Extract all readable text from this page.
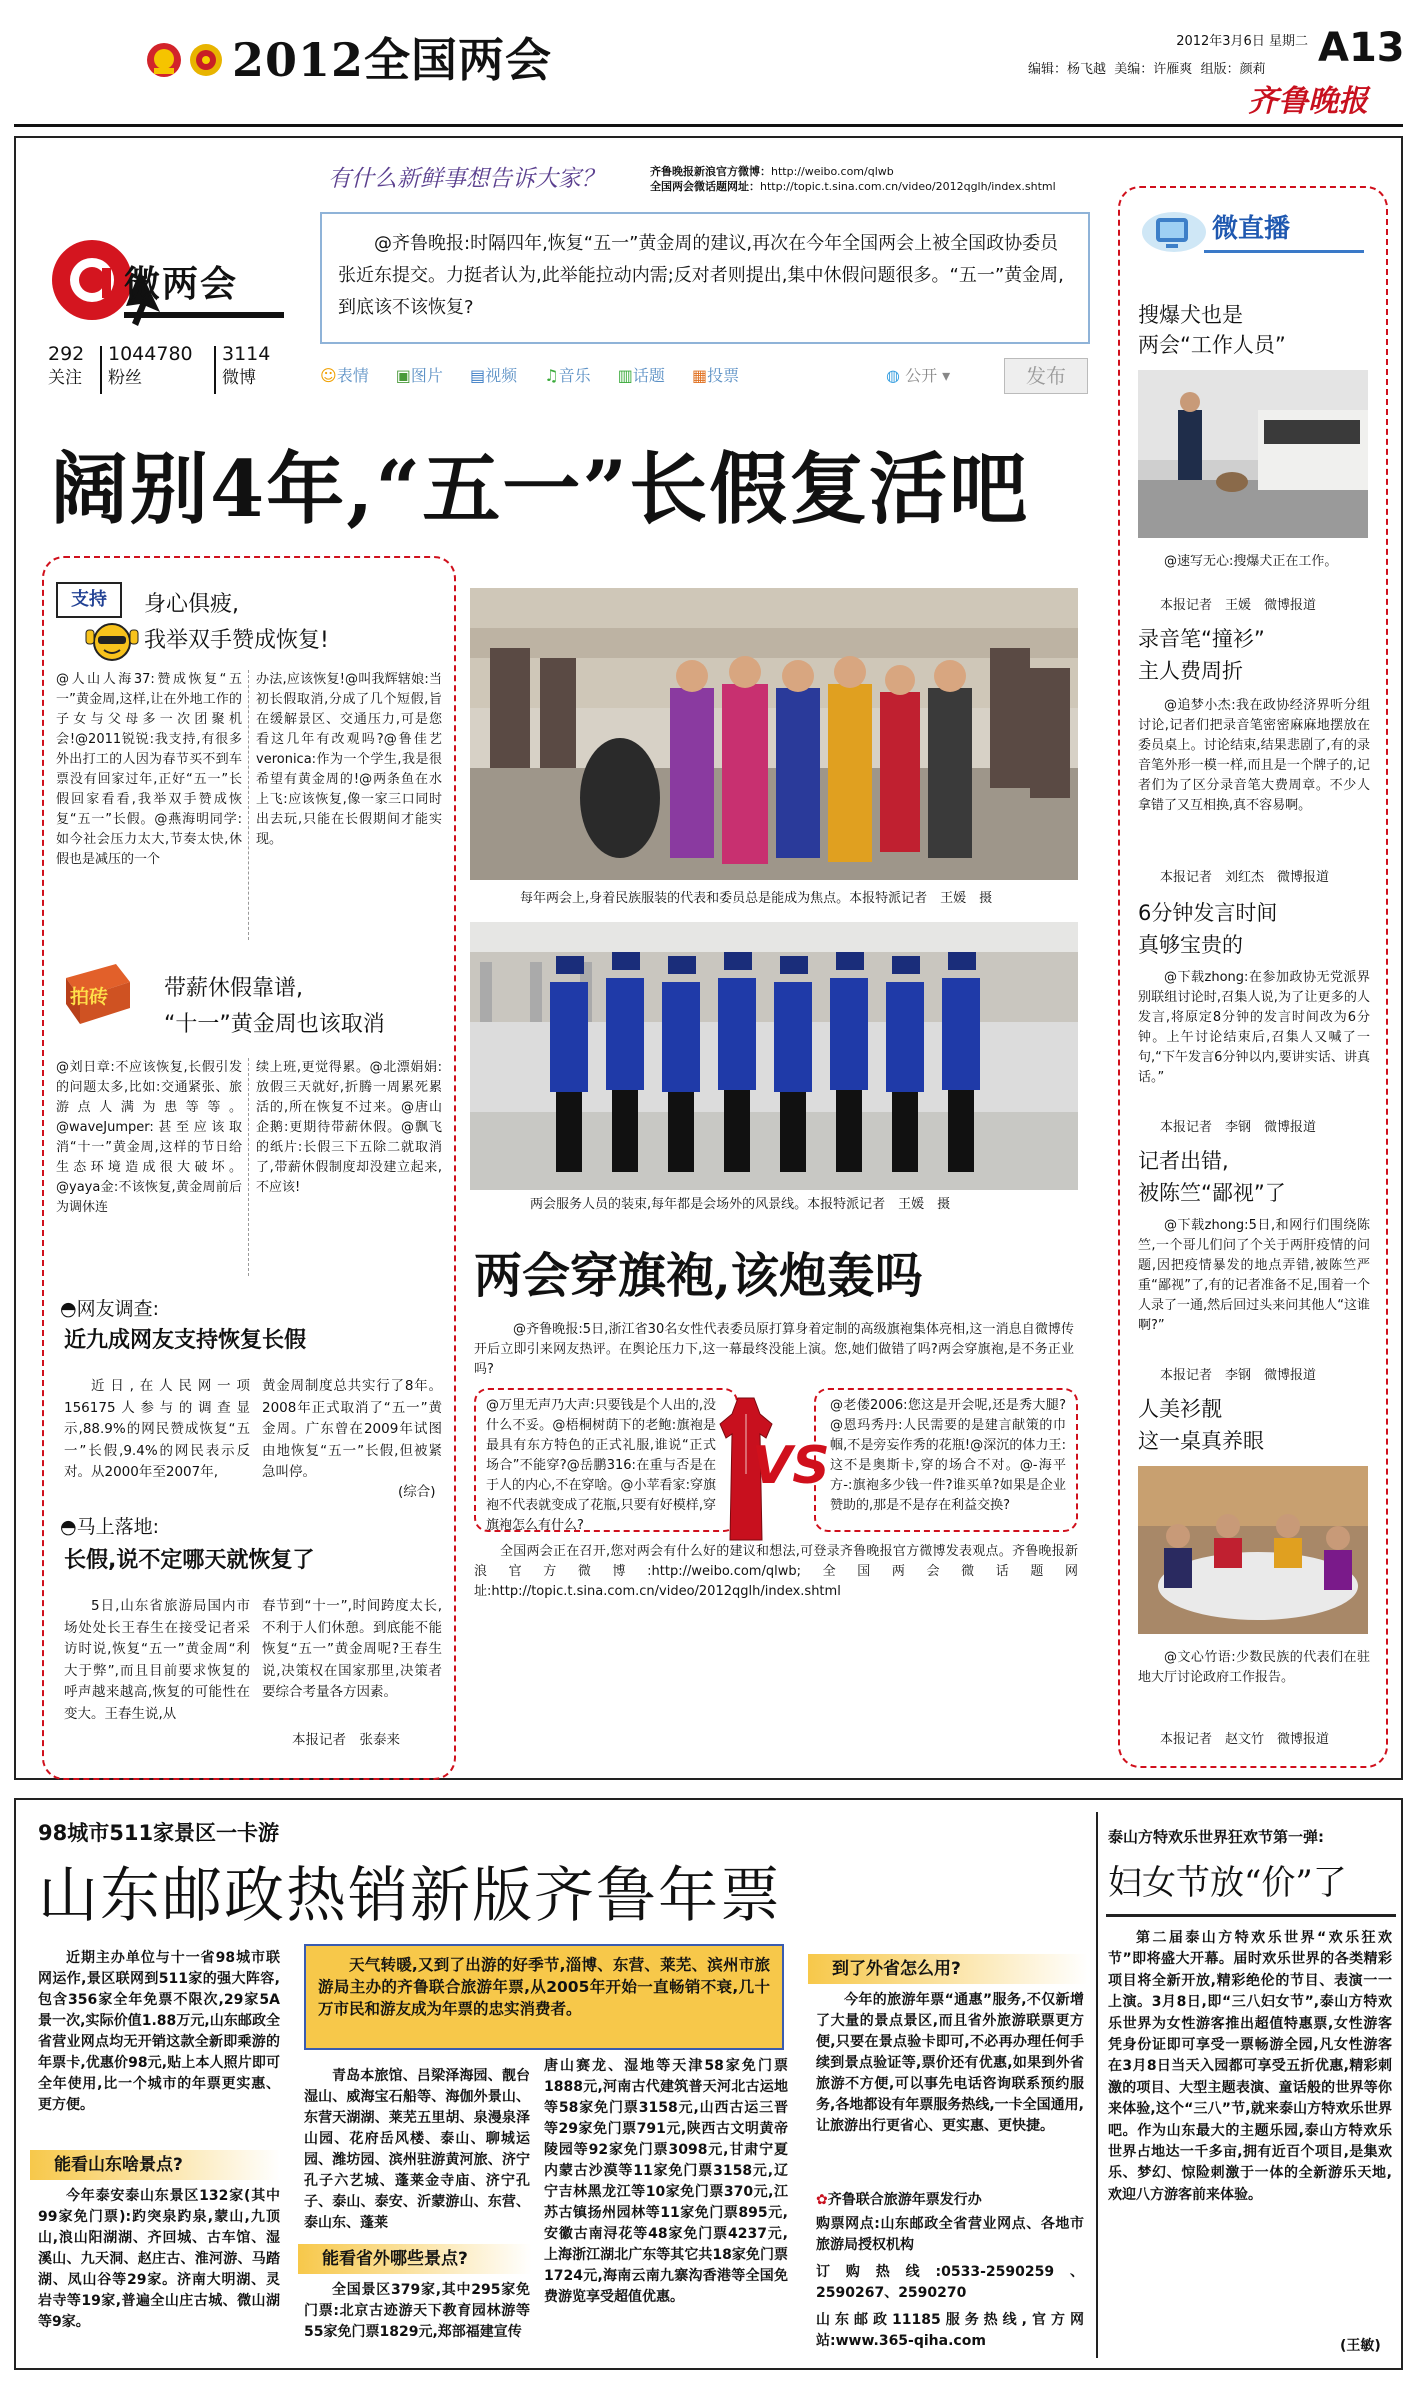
2012全国两会	2012年3月6日 星期二 A13
编辑：杨飞越 美编：许雁爽 组版：颜莉
齐鲁晚报
微两会
292
关注
1044780
粉丝
3114
微博
有什么新鲜事想告诉大家？	齐鲁晚报新浪官方微博：http://weibo.com/qlwb
全国两会微话题网址：http://topic.t.sina.com.cn/video/2012qglh/index.shtml
@齐鲁晚报:时隔四年,恢复“五一”黄金周的建议,再次在今年全国两会上被全国政协委员张近东提交。力挺者认为,此举能拉动内需;反对者则提出,集中休假问题很多。“五一”黄金周,到底该不该恢复?
☺表情 ▣图片 ▤视频 ♫音乐 ▥话题 ▦投票	◍ 公开 ▾	发布
阔别4年,“五一”长假复活吧
支持	身心俱疲,
我举双手赞成恢复!
@人山人海37:赞成恢复“五一”黄金周,这样,让在外地工作的子女与父母多一次团聚机会!@2011锐锐:我支持,有很多外出打工的人因为春节买不到车票没有回家过年,正好“五一”长假回家看看,我举双手赞成恢复“五一”长假。@燕海明同学:如今社会压力太大,节奏太快,休假也是减压的一个
办法,应该恢复!@叫我辉辖娘:当初长假取消,分成了几个短假,旨在缓解景区、交通压力,可是您看这几年有改观吗?@鲁佳艺veronica:作为一个学生,我是很希望有黄金周的!@两条鱼在水上飞:应该恢复,像一家三口同时出去玩,只能在长假期间才能实现。
拍砖	带薪休假靠谱,
“十一”黄金周也该取消
@刘日章:不应该恢复,长假引发的问题太多,比如:交通紧张、旅游点人满为患等等。@waveJumper:甚至应该取消“十一”黄金周,这样的节日给生态环境造成很大破坏。@yaya金:不该恢复,黄金周前后为调休连
续上班,更觉得累。@北漂娟娟:放假三天就好,折腾一周累死累活的,所在恢复不过来。@唐山企鹅:更期待带薪休假。@飘飞的纸片:长假三下五除二就取消了,带薪休假制度却没建立起来,不应该!
◓网友调查:
近九成网友支持恢复长假
近日,在人民网一项156175人参与的调查显示,88.9%的网民赞成恢复“五一”长假,9.4%的网民表示反对。从2000年至2007年,
黄金周制度总共实行了8年。2008年正式取消了“五一”黄金周。广东曾在2009年试图由地恢复“五一”长假,但被紧急叫停。
(综合)
◓马上落地:
长假,说不定哪天就恢复了
5日,山东省旅游局国内市场处处长王春生在接受记者采访时说,恢复“五一”黄金周“利大于弊”,而且目前要求恢复的呼声越来越高,恢复的可能性在变大。王春生说,从
春节到“十一”,时间跨度太长,不利于人们休憩。到底能不能恢复“五一”黄金周呢?王春生说,决策权在国家那里,决策者要综合考量各方因素。
本报记者　张泰来
每年两会上,身着民族服装的代表和委员总是能成为焦点。本报特派记者　王媛　摄
两会服务人员的装束,每年都是会场外的风景线。本报特派记者　王媛　摄
两会穿旗袍,该炮轰吗
@齐鲁晚报:5日,浙江省30名女性代表委员原打算身着定制的高级旗袍集体亮相,这一消息自微博传开后立即引来网友热评。在舆论压力下,这一幕最终没能上演。您,她们做错了吗?两会穿旗袍,是不务正业吗?
@万里无声乃大声:只要钱是个人出的,没什么不妥。@梧桐树荫下的老鲍:旗袍是最具有东方特色的正式礼服,谁说“正式场合”不能穿?@岳鹏316:在重与否是在于人的内心,不在穿啥。@小苹看家:穿旗袍不代表就变成了花瓶,只要有好模样,穿旗袍怎么有什么?
VS
@老偻2006:您这是开会呢,还是秀大腿?@恩玛秀丹:人民需要的是建言献策的巾帼,不是旁妄作秀的花瓶!@深沉的体力王:这不是奥斯卡,穿的场合不对。@-海平方-:旗袍多少钱一件?谁买单?如果是企业赞助的,那是不是存在利益交换?
全国两会正在召开,您对两会有什么好的建议和想法,可登录齐鲁晚报官方微博发表观点。齐鲁晚报新浪官方微博:http://weibo.com/qlwb;全国两会微话题网址:http://topic.t.sina.com.cn/video/2012qglh/index.shtml
微直播
搜爆犬也是
两会“工作人员”
@速写无心:搜爆犬正在工作。
本报记者　王媛　微博报道
录音笔“撞衫”
主人费周折
@追梦小杰:我在政协经济界听分组讨论,记者们把录音笔密密麻麻地摆放在委员桌上。讨论结束,结果悲剧了,有的录音笔外形一模一样,而且是一个牌子的,记者们为了区分录音笔大费周章。不少人拿错了又互相换,真不容易啊。
本报记者　刘红杰　微博报道
6分钟发言时间
真够宝贵的
@下载zhong:在参加政协无党派界别联组讨论时,召集人说,为了让更多的人发言,将原定8分钟的发言时间改为6分钟。上午讨论结束后,召集人又喊了一句,“下午发言6分钟以内,要讲实话、讲真话。”
本报记者　李钢　微博报道
记者出错,
被陈竺“鄙视”了
@下载zhong:5日,和网行们围绕陈竺,一个哥儿们问了个关于两肝疫情的问题,因把疫情暴发的地点弄错,被陈竺严重“鄙视”了,有的记者准备不足,围着一个人录了一通,然后回过头来问其他人“这谁啊?”
本报记者　李钢　微博报道
人美衫靓
这一桌真养眼
@文心竹语:少数民族的代表们在驻地大厅讨论政府工作报告。
本报记者　赵文竹　微博报道
98城市511家景区一卡游
山东邮政热销新版齐鲁年票
近期主办单位与十一省98城市联网运作,景区联网到511家的强大阵容,包含356家全年免票不限次,29家5A景一次,实际价值1.88万元,山东邮政全省营业网点均无开销这款全新即乘游的年票卡,优惠价98元,贴上本人照片即可全年使用,比一个城市的年票更实惠、更方便。
能看山东啥景点?
今年泰安泰山东景区132家(其中99家免门票):趵突泉趵泉,蒙山,九顶山,浪山阳湖湖、齐回城、古车馆、湿溪山、九天洞、赵庄古、淮河游、马踏湖、凤山谷等29家。济南大明湖、灵岩寺等19家,普遍全山庄古城、微山湖等9家。
天气转暖,又到了出游的好季节,淄博、东营、莱芜、滨州市旅游局主办的齐鲁联合旅游年票,从2005年开始一直畅销不衰,几十万市民和游友成为年票的忠实消费者。
青岛本旅馆、吕梁泽海园、靓台湿山、威海宝石船等、海伽外景山、东营天湖湖、莱芜五里胡、泉漫泉泽山园、花府岳风楼、泰山、聊城运园、潍坊园、滨州驻游黄河旅、济宁孔子六艺城、蓬莱金寺庙、济宁孔子、泰山、泰安、沂蒙游山、东营、泰山东、蓬莱
能看省外哪些景点?
全国景区379家,其中295家免门票:北京古迹游天下教育园林游等55家免门票1829元,郑部福建宣传
唐山赛龙、湿地等天津58家免门票1888元,河南古代建筑普天河北古运地等58家免门票3158元,山西古运三晋等29家免门票791元,陕西古文明黄帝陵园等92家免门票3098元,甘肃宁夏内蒙古沙漠等11家免门票3158元,辽宁吉林黑龙江等10家免门票370元,江苏古镇扬州园林等11家免门票895元,安徽古南浔花等48家免门票4237元,上海浙江湖北广东等其它共18家免门票1724元,海南云南九寨沟香港等全国免费游览享受超值优惠。
到了外省怎么用?
今年的旅游年票“通惠”服务,不仅新增了大量的景点景区,而且省外旅游联票更方便,只要在景点验卡即可,不必再办理任何手续到景点验证等,票价还有优惠,如果到外省旅游不方便,可以事先电话咨询联系预约服务,各地都设有年票服务热线,一卡全国通用,让旅游出行更省心、更实惠、更快捷。
✿齐鲁联合旅游年票发行办
购票网点:山东邮政全省营业网点、各地市旅游局授权机构
订购热线:0533-2590259、2590267、2590270
山东邮政11185服务热线,官方网站:www.365-qiha.com
泰山方特欢乐世界狂欢节第一弹:
妇女节放“价”了
第二届泰山方特欢乐世界“欢乐狂欢节”即将盛大开幕。届时欢乐世界的各类精彩项目将全新开放,精彩绝伦的节目、表演一一上演。3月8日,即“三八妇女节”,泰山方特欢乐世界为女性游客推出超值特惠票,女性游客凭身份证即可享受一票畅游全园,凡女性游客在3月8日当天入园都可享受五折优惠,精彩刺激的项目、大型主题表演、童话般的世界等你来体验,这个“三八”节,就来泰山方特欢乐世界吧。作为山东最大的主题乐园,泰山方特欢乐世界占地达一千多亩,拥有近百个项目,是集欢乐、梦幻、惊险刺激于一体的全新游乐天地,欢迎八方游客前来体验。
(王敏)
